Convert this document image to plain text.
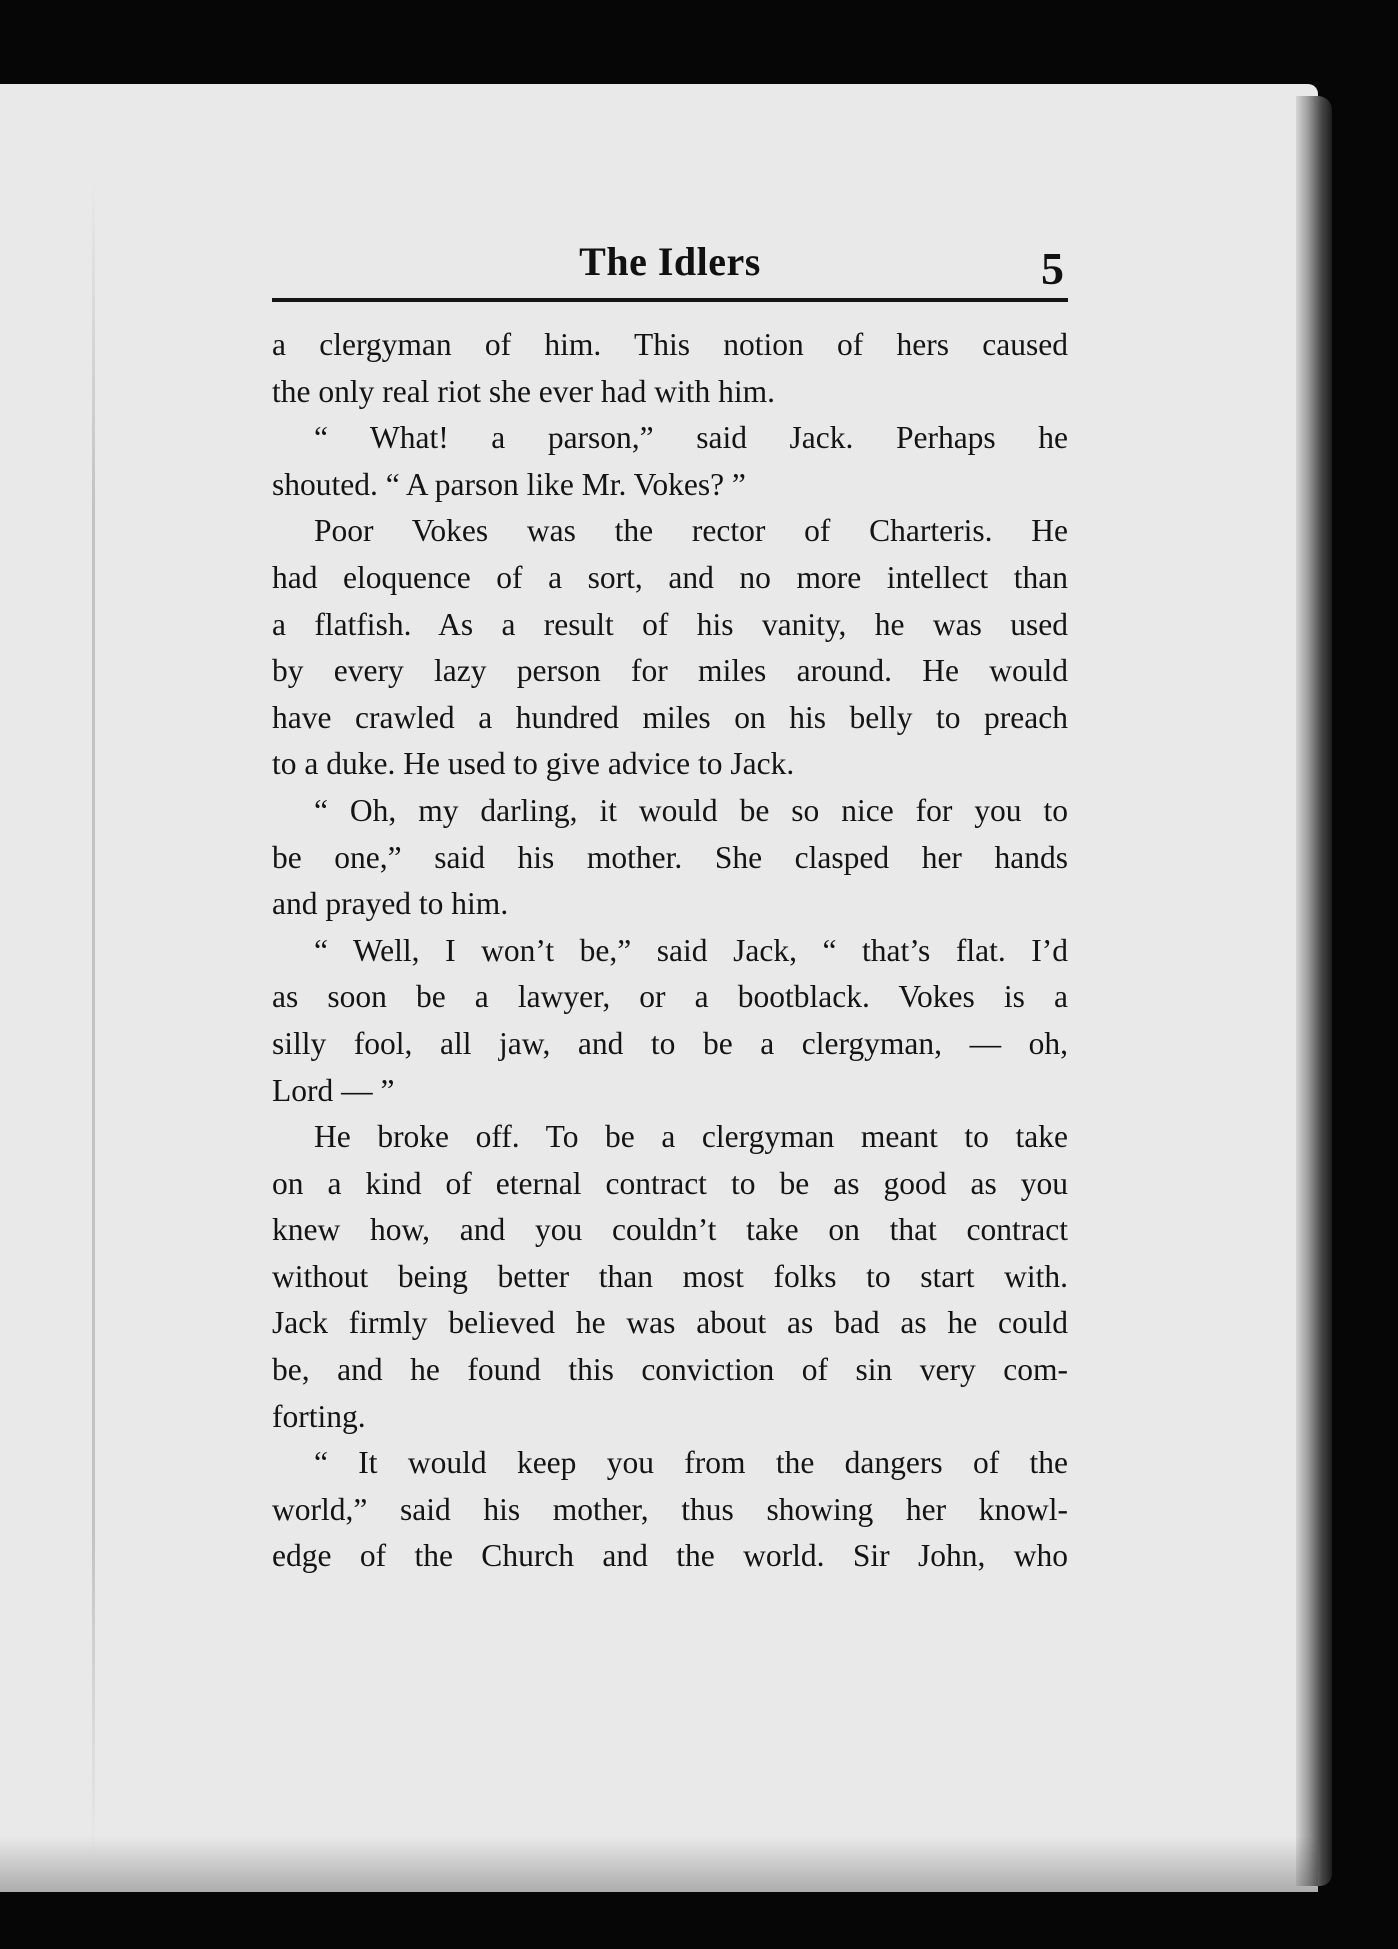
The Idlers	5
a clergyman of him. This notion of hers caused
the only real riot she ever had with him.
“ What! a parson,” said Jack. Perhaps he
shouted. “ A parson like Mr. Vokes? ”
Poor Vokes was the rector of Charteris. He
had eloquence of a sort, and no more intellect than
a flatfish. As a result of his vanity, he was used
by every lazy person for miles around. He would
have crawled a hundred miles on his belly to preach
to a duke. He used to give advice to Jack.
“ Oh, my darling, it would be so nice for you to
be one,” said his mother. She clasped her hands
and prayed to him.
“ Well, I won’t be,” said Jack, “ that’s flat. I’d
as soon be a lawyer, or a bootblack. Vokes is a
silly fool, all jaw, and to be a clergyman, — oh,
Lord — ”
He broke off. To be a clergyman meant to take
on a kind of eternal contract to be as good as you
knew how, and you couldn’t take on that contract
without being better than most folks to start with.
Jack firmly believed he was about as bad as he could
be, and he found this conviction of sin very com-
forting.
“ It would keep you from the dangers of the
world,” said his mother, thus showing her knowl-
edge of the Church and the world. Sir John, who
